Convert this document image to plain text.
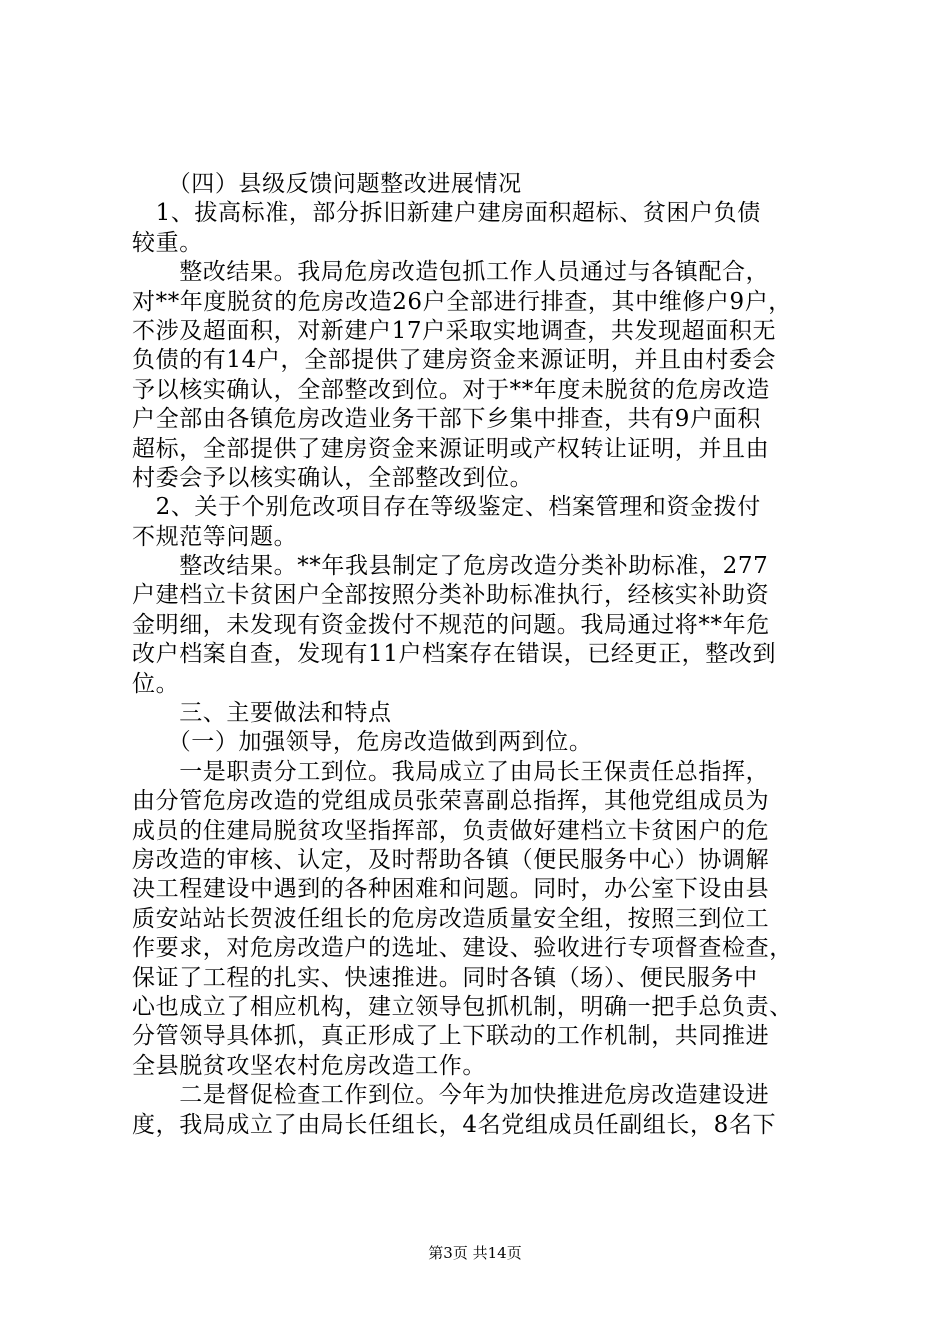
　　（四）县级反馈问题整改进展情况
　1、拔高标准，部分拆旧新建户建房面积超标、贫困户负债
较重。
　　整改结果。我局危房改造包抓工作人员通过与各镇配合，
对**年度脱贫的危房改造26户全部进行排查，其中维修户9户，
不涉及超面积，对新建户17户采取实地调查，共发现超面积无
负债的有14户，全部提供了建房资金来源证明，并且由村委会
予以核实确认，全部整改到位。对于**年度未脱贫的危房改造
户全部由各镇危房改造业务干部下乡集中排查，共有9户面积
超标，全部提供了建房资金来源证明或产权转让证明，并且由
村委会予以核实确认，全部整改到位。
　2、关于个别危改项目存在等级鉴定、档案管理和资金拨付
不规范等问题。
　　整改结果。**年我县制定了危房改造分类补助标准，277
户建档立卡贫困户全部按照分类补助标准执行，经核实补助资
金明细，未发现有资金拨付不规范的问题。我局通过将**年危
改户档案自查，发现有11户档案存在错误，已经更正，整改到
位。
　　三、主要做法和特点
　　（一）加强领导，危房改造做到两到位。
　　一是职责分工到位。我局成立了由局长王保责任总指挥，
由分管危房改造的党组成员张荣喜副总指挥，其他党组成员为
成员的住建局脱贫攻坚指挥部，负责做好建档立卡贫困户的危
房改造的审核、认定，及时帮助各镇（便民服务中心）协调解
决工程建设中遇到的各种困难和问题。同时，办公室下设由县
质安站站长贺波任组长的危房改造质量安全组，按照三到位工
作要求，对危房改造户的选址、建设、验收进行专项督查检查，
保证了工程的扎实、快速推进。同时各镇（场）、便民服务中
心也成立了相应机构，建立领导包抓机制，明确一把手总负责、
分管领导具体抓，真正形成了上下联动的工作机制，共同推进
全县脱贫攻坚农村危房改造工作。
　　二是督促检查工作到位。今年为加快推进危房改造建设进
度，我局成立了由局长任组长，4名党组成员任副组长，8名下
第3页 共14页
